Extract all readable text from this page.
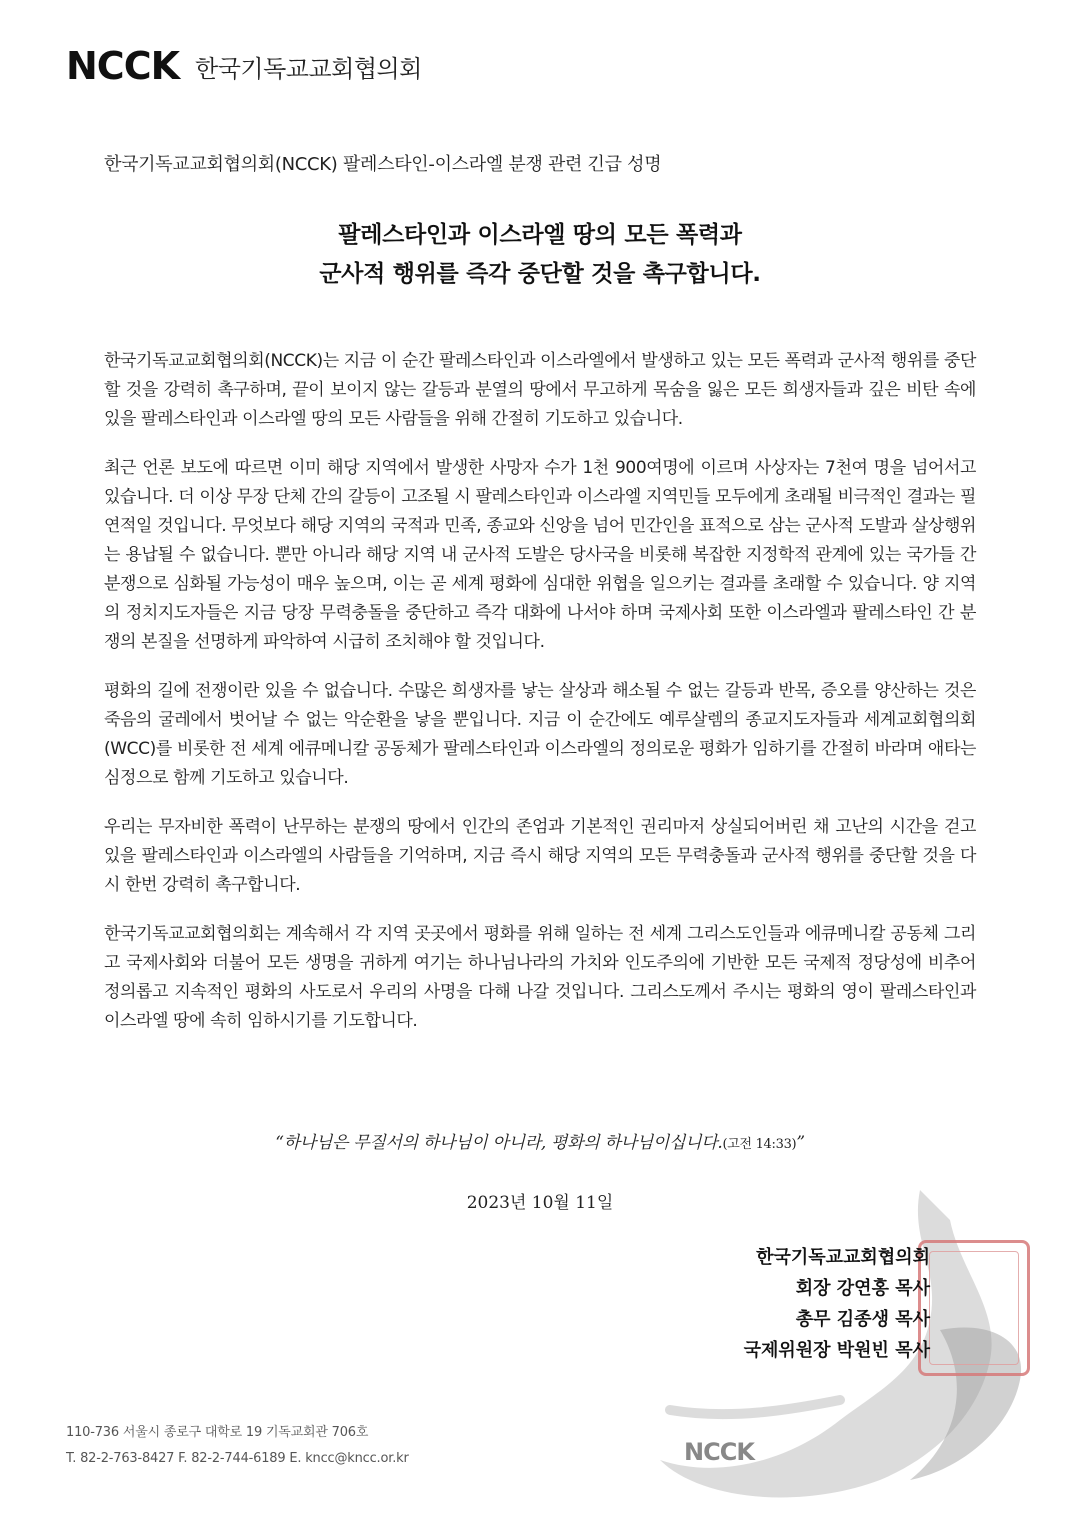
NCCK 한국기독교교회협의회
한국기독교교회협의회(NCCK) 팔레스타인-이스라엘 분쟁 관련 긴급 성명
팔레스타인과 이스라엘 땅의 모든 폭력과
군사적 행위를 즉각 중단할 것을 촉구합니다.

한국기독교교회협의회(NCCK)는 지금 이 순간 팔레스타인과 이스라엘에서 발생하고 있는 모든 폭력과 군사적 행위를 중단할 것을 강력히 촉구하며, 끝이 보이지 않는 갈등과 분열의 땅에서 무고하게 목숨을 잃은 모든 희생자들과 깊은 비탄 속에 있을 팔레스타인과 이스라엘 땅의 모든 사람들을 위해 간절히 기도하고 있습니다.

최근 언론 보도에 따르면 이미 해당 지역에서 발생한 사망자 수가 1천 900여명에 이르며 사상자는 7천여 명을 넘어서고 있습니다. 더 이상 무장 단체 간의 갈등이 고조될 시 팔레스타인과 이스라엘 지역민들 모두에게 초래될 비극적인 결과는 필연적일 것입니다. 무엇보다 해당 지역의 국적과 민족, 종교와 신앙을 넘어 민간인을 표적으로 삼는 군사적 도발과 살상행위는 용납될 수 없습니다. 뿐만 아니라 해당 지역 내 군사적 도발은 당사국을 비롯해 복잡한 지정학적 관계에 있는 국가들 간 분쟁으로 심화될 가능성이 매우 높으며, 이는 곧 세계 평화에 심대한 위협을 일으키는 결과를 초래할 수 있습니다. 양 지역의 정치지도자들은 지금 당장 무력충돌을 중단하고 즉각 대화에 나서야 하며 국제사회 또한 이스라엘과 팔레스타인 간 분쟁의 본질을 선명하게 파악하여 시급히 조치해야 할 것입니다.

평화의 길에 전쟁이란 있을 수 없습니다. 수많은 희생자를 낳는 살상과 해소될 수 없는 갈등과 반목, 증오를 양산하는 것은 죽음의 굴레에서 벗어날 수 없는 악순환을 낳을 뿐입니다. 지금 이 순간에도 예루살렘의 종교지도자들과 세계교회협의회(WCC)를 비롯한 전 세계 에큐메니칼 공동체가 팔레스타인과 이스라엘의 정의로운 평화가 임하기를 간절히 바라며 애타는 심정으로 함께 기도하고 있습니다.

우리는 무자비한 폭력이 난무하는 분쟁의 땅에서 인간의 존엄과 기본적인 권리마저 상실되어버린 채 고난의 시간을 걷고 있을 팔레스타인과 이스라엘의 사람들을 기억하며, 지금 즉시 해당 지역의 모든 무력충돌과 군사적 행위를 중단할 것을 다시 한번 강력히 촉구합니다.

한국기독교교회협의회는 계속해서 각 지역 곳곳에서 평화를 위해 일하는 전 세계 그리스도인들과 에큐메니칼 공동체 그리고 국제사회와 더불어 모든 생명을 귀하게 여기는 하나님나라의 가치와 인도주의에 기반한 모든 국제적 정당성에 비추어 정의롭고 지속적인 평화의 사도로서 우리의 사명을 다해 나갈 것입니다. 그리스도께서 주시는 평화의 영이 팔레스타인과 이스라엘 땅에 속히 임하시기를 기도합니다.

“하나님은 무질서의 하나님이 아니라, 평화의 하나님이십니다.(고전 14:33)”
2023년 10월 11일
한국기독교교회협의회
회장 강연홍 목사
총무 김종생 목사
국제위원장 박원빈 목사
110-736 서울시 종로구 대학로 19 기독교회관 706호
T. 82-2-763-8427 F. 82-2-744-6189 E. kncc@kncc.or.kr	NCCK
